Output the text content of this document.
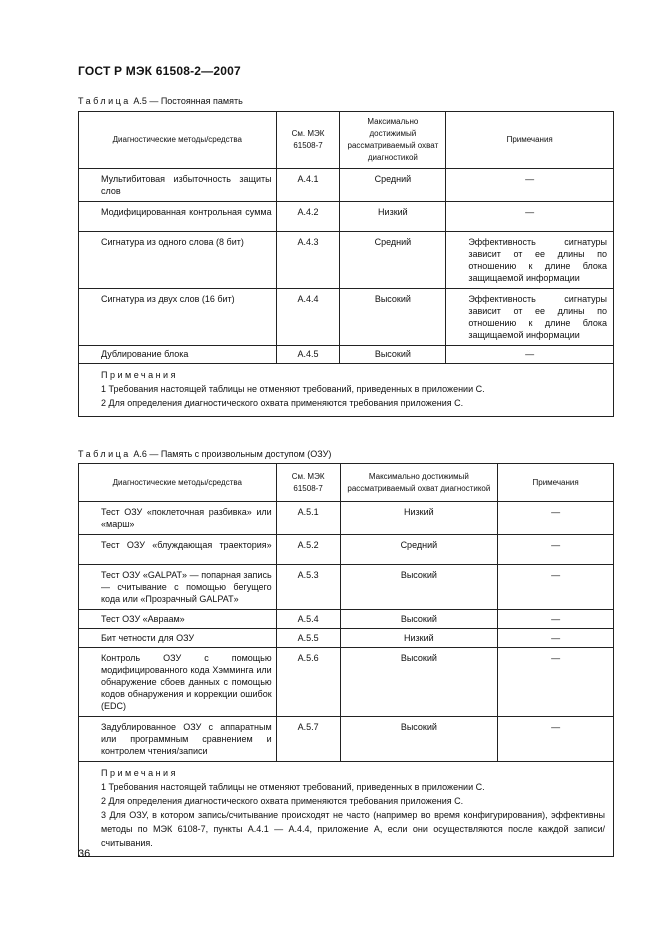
ГОСТ Р МЭК 61508-2—2007
Таблица А.5 — Постоянная память
Диагностические методы/средства	См. МЭК 61508-7	Максимально достижимый рассматриваемый охват диагностикой	Примечания
Мультибитовая избыточность защиты слов	А.4.1	Средний	—
Модифицированная контрольная сумма	А.4.2	Низкий	—
Сигнатура из одного слова (8 бит)	А.4.3	Средний	Эффективность сигнатуры зависит от ее длины по отношению к длине блока защищаемой информации
Сигнатура из двух слов (16 бит)	А.4.4	Высокий	Эффективность сигнатуры зависит от ее длины по отношению к длине блока защищаемой информации
Дублирование блока	А.4.5	Высокий	—

Примечания
1 Требования настоящей таблицы не отменяют требований, приведенных в приложении С.
2 Для определения диагностического охвата применяются требования приложения С.			
Таблица А.6 — Память с произвольным доступом (ОЗУ)
Диагностические методы/средства	См. МЭК 61508-7	Максимально достижимый рассматриваемый охват диагностикой	Примечания
Тест ОЗУ «поклеточная разбивка» или «марш»	А.5.1	Низкий	—
Тест ОЗУ «блуждающая траектория»	А.5.2	Средний	—
Тест ОЗУ «GALPAT» — попарная запись — считывание с помощью бегущего кода или «Прозрачный GALPAT»	А.5.3	Высокий	—
Тест ОЗУ «Авраам»	А.5.4	Высокий	—
Бит четности для ОЗУ	А.5.5	Низкий	—
Контроль ОЗУ с помощью модифицированного кода Хэмминга или обнаружение сбоев данных с помощью кодов обнаружения и коррекции ошибок (EDC)	А.5.6	Высокий	—
Задублированное ОЗУ с аппаратным или программным сравнением и контролем чтения/записи	А.5.7	Высокий	—

Примечания
1 Требования настоящей таблицы не отменяют требований, приведенных в приложении С.
2 Для определения диагностического охвата применяются требования приложения С.
3 Для ОЗУ, в котором запись/считывание происходят не часто (например во время конфигурирования), эффективны методы по МЭК 6108-7, пункты А.4.1 — А.4.4, приложение А, если они осуществляются после каждой записи/считывания.			
36
